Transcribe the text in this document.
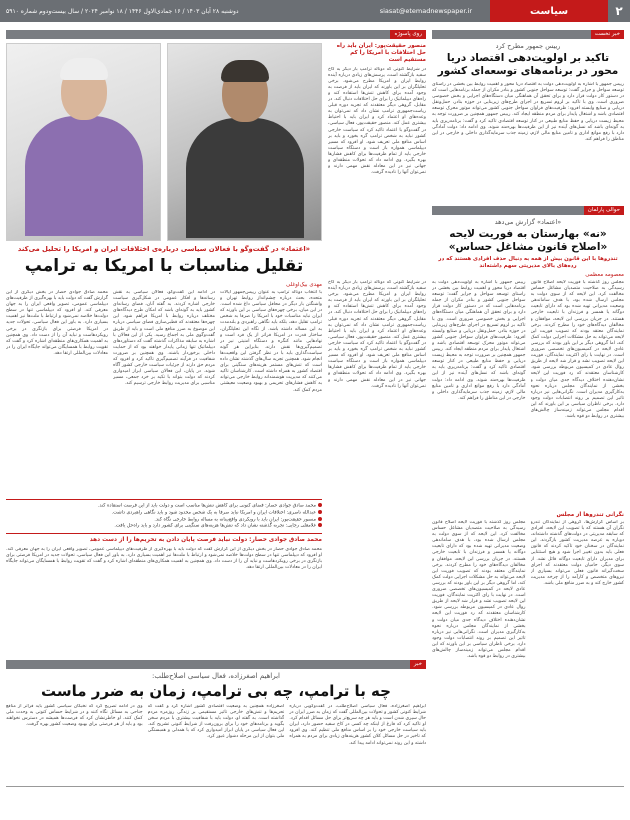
دوشنبه ۲۸ آبان ۱۴۰۳ / ۱۶ جمادی‌الاول ۱۴۴۶ / ۱۸ نوامبر ۲۰۲۴ / سال بیست‌ودوم شماره ۵۹۱۰	siasat@etemadnewspaper.ir	سیاست	۲
خبر نخست
رییس جمهور مطرح کرد
تاکید بر اولویت‌دهی اقتصاد دریا محور در برنامه‌های توسعه‌ای کشور
رییس جمهور با اشاره به اولویت‌دهی دولت به اقتصاد دریا محور و اهمیت روابط بین بخشی در راستای توسعه سواحل و جزایر گفت: توسعه سواحل جنوبی کشور و بنادر مکران از جمله برنامه‌هایی است که در دستور کار دولت قرار دارد و برای تحقق آن هماهنگی میان دستگاه‌های اجرایی و بخش خصوصی ضروری است. وی با تاکید بر لزوم تسریع در اجرای طرح‌های زیربنایی در حوزه بنادر، حمل‌ونقل دریایی و صنایع وابسته افزود: ظرفیت‌های فراوان سواحل جنوبی کشور می‌تواند موتور محرک توسعه اقتصادی باشد و اشتغال پایدار برای مردم منطقه ایجاد کند. رییس جمهور همچنین بر ضرورت توجه به محیط زیست دریایی و حفظ منابع طبیعی در کنار توسعه اقتصادی تاکید کرد و گفت: برنامه‌ریزی باید به گونه‌ای باشد که نسل‌های آینده نیز از این ظرفیت‌ها بهره‌مند شوند. وی ادامه داد: دولت آمادگی دارد با رفع موانع اداری و تامین منابع مالی لازم، زمینه جذب سرمایه‌گذاری داخلی و خارجی در این مناطق را فراهم کند.
حوالی پارلمان
«اعتماد» گزارش می‌دهد
«نه» بهارستان به فوریت لایحه «اصلاح قانون مشاغل حساس»
تندروها با این قانون بیش از همه به دنبال حذف افرادی هستند که در رده‌های بالای مدیریتی سهم داشته‌اند
معصومه معظمی
مجلس روز گذشته با فوریت لایحه اصلاح قانون رسیدگی به صلاحیت متصدیان مشاغل حساس مخالفت کرد. این لایحه که از سوی دولت به مجلس ارسال شده بود، با هدف ساماندهی وضعیت مدیرانی تهیه شده بود که دارای تابعیت دوگانه یا همسر و فرزندان با تابعیت خارجی هستند. در جریان بررسی این لایحه، موافقان و مخالفان دیدگاه‌های خود را مطرح کردند. برخی نمایندگان معتقد بودند که تصویب فوریت این لایحه می‌تواند به حل مشکلات اجرایی دولت کمک کند، اما گروهی دیگر بر این باور بودند که بررسی عادی لایحه در کمیسیون‌های تخصصی ضروری است. در نهایت با رای اکثریت نمایندگان، فوریت این لایحه تصویب نشد و قرار شد لایحه از طریق روال عادی در کمیسیون مربوطه بررسی شود. کارشناسان معتقدند که رد فوریت این لایحه نشان‌دهنده اختلاف دیدگاه جدی میان دولت و بخشی از نمایندگان مجلس درباره نحوه به‌کارگیری مدیران است. نگرانی‌هایی نیز درباره تاثیر این تصمیم بر روند انتصابات دولت وجود دارد. برخی ناظران سیاسی بر این باورند که این اقدام مجلس می‌تواند زمینه‌ساز چالش‌های بیشتری در روابط دو قوه باشد.
رییس جمهور با اشاره به اولویت‌دهی دولت به اقتصاد دریا محور و اهمیت روابط بین بخشی در راستای توسعه سواحل و جزایر گفت: توسعه سواحل جنوبی کشور و بنادر مکران از جمله برنامه‌هایی است که در دستور کار دولت قرار دارد و برای تحقق آن هماهنگی میان دستگاه‌های اجرایی و بخش خصوصی ضروری است. وی با تاکید بر لزوم تسریع در اجرای طرح‌های زیربنایی در حوزه بنادر، حمل‌ونقل دریایی و صنایع وابسته افزود: ظرفیت‌های فراوان سواحل جنوبی کشور می‌تواند موتور محرک توسعه اقتصادی باشد و اشتغال پایدار برای مردم منطقه ایجاد کند. رییس جمهور همچنین بر ضرورت توجه به محیط زیست دریایی و حفظ منابع طبیعی در کنار توسعه اقتصادی تاکید کرد و گفت: برنامه‌ریزی باید به گونه‌ای باشد که نسل‌های آینده نیز از این ظرفیت‌ها بهره‌مند شوند. وی ادامه داد: دولت آمادگی دارد با رفع موانع اداری و تامین منابع مالی لازم، زمینه جذب سرمایه‌گذاری داخلی و خارجی در این مناطق را فراهم کند.
نگرانی تندروها از مجلس
بر اساس گزارش‌ها، گروهی از نمایندگان تندرو نگران آن هستند که با تصویب این لایحه، افرادی که سابقه مدیریتی در دولت‌های گذشته داشته‌اند، دوباره به عرصه مدیریت کشور بازگردند. این نمایندگان در سخنان خود تاکید کردند که قانون فعلی باید بدون تغییر اجرا شود و هیچ استثنایی برای مدیران دارای تابعیت دوگانه قائل نشد. از سوی دیگر، حامیان دولت معتقدند که اجرای سخت‌گیرانه قانون فعلی می‌تواند بسیاری از نیروهای متخصص و کارآمد را از چرخه مدیریت کشور خارج کند و به ضرر منافع ملی باشد.
مجلس روز گذشته با فوریت لایحه اصلاح قانون رسیدگی به صلاحیت متصدیان مشاغل حساس مخالفت کرد. این لایحه که از سوی دولت به مجلس ارسال شده بود، با هدف ساماندهی وضعیت مدیرانی تهیه شده بود که دارای تابعیت دوگانه یا همسر و فرزندان با تابعیت خارجی هستند. در جریان بررسی این لایحه، موافقان و مخالفان دیدگاه‌های خود را مطرح کردند. برخی نمایندگان معتقد بودند که تصویب فوریت این لایحه می‌تواند به حل مشکلات اجرایی دولت کمک کند، اما گروهی دیگر بر این باور بودند که بررسی عادی لایحه در کمیسیون‌های تخصصی ضروری است. در نهایت با رای اکثریت نمایندگان، فوریت این لایحه تصویب نشد و قرار شد لایحه از طریق روال عادی در کمیسیون مربوطه بررسی شود. کارشناسان معتقدند که رد فوریت این لایحه نشان‌دهنده اختلاف دیدگاه جدی میان دولت و بخشی از نمایندگان مجلس درباره نحوه به‌کارگیری مدیران است. نگرانی‌هایی نیز درباره تاثیر این تصمیم بر روند انتصابات دولت وجود دارد. برخی ناظران سیاسی بر این باورند که این اقدام مجلس می‌تواند زمینه‌ساز چالش‌های بیشتری در روابط دو قوه باشد.
روی پاسوژه
منصور حقیقت‌پور: ایران باید راه حل اختلافات با امریکا را کم مستقیم است
در شرایط کنونی که دونالد ترامپ بار دیگر به کاخ سفید بازگشته است، پرسش‌های زیادی درباره آینده روابط ایران و امریکا مطرح می‌شود. برخی تحلیلگران بر این باورند که ایران باید از فرصت به وجود آمده برای کاهش تنش‌ها استفاده کند و راه‌های دیپلماتیک را برای حل اختلافات دنبال کند. در مقابل، گروهی دیگر معتقدند که تجربه دوره قبلی ریاست‌جمهوری ترامپ نشان داد که نمی‌توان به وعده‌های او اعتماد کرد و ایران باید با احتیاط بیشتری عمل کند. منصور حقیقت‌پور، فعال سیاسی، در گفت‌وگو با اعتماد تاکید کرد که سیاست خارجی کشور نباید به شخص ترامپ گره بخورد و باید بر اساس منافع ملی تعریف شود. او افزود که مسیر دیپلماسی همواره باز است و دستگاه سیاست خارجی باید از تمام ظرفیت‌ها برای کاهش فشارها بهره بگیرد. وی ادامه داد که تحولات منطقه‌ای و جهانی نیز در این معادله نقش مهمی دارند و نمی‌توان آنها را نادیده گرفت.
«اعتماد» در گفت‌وگو با فعالان سیاسی درباره‌ی اختلافات ایران و امریکا را تحلیل می‌کند
تقلیل مناسبات با امریکا به ترامپ
در شرایط کنونی که دونالد ترامپ بار دیگر به کاخ سفید بازگشته است، پرسش‌های زیادی درباره آینده روابط ایران و امریکا مطرح می‌شود. برخی تحلیلگران بر این باورند که ایران باید از فرصت به وجود آمده برای کاهش تنش‌ها استفاده کند و راه‌های دیپلماتیک را برای حل اختلافات دنبال کند. در مقابل، گروهی دیگر معتقدند که تجربه دوره قبلی ریاست‌جمهوری ترامپ نشان داد که نمی‌توان به وعده‌های او اعتماد کرد و ایران باید با احتیاط بیشتری عمل کند. منصور حقیقت‌پور، فعال سیاسی، در گفت‌وگو با اعتماد تاکید کرد که سیاست خارجی کشور نباید به شخص ترامپ گره بخورد و باید بر اساس منافع ملی تعریف شود. او افزود که مسیر دیپلماسی همواره باز است و دستگاه سیاست خارجی باید از تمام ظرفیت‌ها برای کاهش فشارها بهره بگیرد. وی ادامه داد که تحولات منطقه‌ای و جهانی نیز در این معادله نقش مهمی دارند و نمی‌توان آنها را نادیده گرفت.
مهدی بیک‌اوغلی
با انتخاب دونالد ترامپ به عنوان رییس‌جمهور ایالات متحده، بحث درباره چشم‌انداز روابط تهران و واشنگتن بار دیگر در محافل سیاسی داغ شده است. در این میان، برخی چهره‌های سیاسی بر این باورند که ایران نباید مناسبات خود با امریکا را صرفا به شخص ترامپ تقلیل دهد، بلکه باید نگاهی راهبردی و بلندمدت به این مساله داشته باشد. از نگاه این تحلیلگران، ساختار قدرت در امریکا فراتر از یک فرد است و نهادهایی مانند کنگره و دستگاه امنیتی نیز در تصمیم‌گیری‌ها نقش دارند. بنابراین هر گونه سیاست‌گذاری باید با در نظر گرفتن این واقعیت‌ها انجام شود. همچنین تجربه سال‌های گذشته نشان داده است که تنش‌های مستمر هزینه‌های سنگینی برای اقتصاد کشور به همراه داشته است. کارشناسان تاکید می‌کنند که مدیریت هوشمندانه روابط خارجی می‌تواند به کاهش فشارهای تحریمی و بهبود وضعیت معیشتی مردم کمک کند.
در ادامه این گفت‌وگو، فعالان سیاسی به نقش رسانه‌ها و افکار عمومی در شکل‌گیری سیاست خارجی اشاره کردند. به گفته آنان، فضای رسانه‌ای کشور باید به گونه‌ای باشد که امکان طرح دیدگاه‌های مختلف درباره روابط با امریکا فراهم شود. این چهره‌ها معتقدند که قطبی‌سازی فضای سیاسی درباره این موضوع به ضرر منافع ملی است و باید از طریق گفت‌وگوی ملی به اجماع رسید. یکی از این فعالان با اشاره به سابقه مذاکرات گذشته گفت که دستاوردهای دیپلماتیک تنها زمانی پایدار خواهند بود که از حمایت داخلی برخوردار باشند. وی همچنین بر ضرورت شفافیت در فرآیند تصمیم‌گیری تاکید کرد و افزود که مردم حق دارند از جزئیات سیاست خارجی کشور آگاه شوند. در پایان، این فعالان سیاسی ابراز امیدواری کردند که دولت بتواند با تکیه بر خرد جمعی، مسیر مناسبی برای مدیریت روابط خارجی ترسیم کند.
محمد صادق جوادی حصار در بخش دیگری از این گزارش گفت که دولت باید با بهره‌گیری از ظرفیت‌های دیپلماسی عمومی، تصویر واقعی ایران را به جهان معرفی کند. او افزود که دیپلماسی تنها در سطح دولت‌ها خلاصه نمی‌شود و ارتباط با ملت‌ها نیز اهمیت بسیاری دارد. به باور این فعال سیاسی، تحولات جدید در امریکا فرصتی برای بازنگری در برخی رویکردهاست و نباید آن را از دست داد. وی همچنین به اهمیت همکاری‌های منطقه‌ای اشاره کرد و گفت که تقویت روابط با همسایگان می‌تواند جایگاه ایران را در معادلات بین‌المللی ارتقا دهد.
محمد صادق جوادی حصار: فضای کنونی برای کاهش تنش‌ها مناسب است و دولت باید از این فرصت استفاده کند.
عبدالله ناصری: اختلافات ایران و امریکا نباید صرفا به یک شخص محدود شود و باید نگاهی راهبردی داشت.
منصور حقیقت‌پور: ایران باید با رویکردی واقع‌بینانه به مساله روابط خارجی نگاه کند.
غلامعلی رجایی: تجربه گذشته نشان داد که تنش‌ها هزینه‌های سنگینی برای کشور دارد و باید راه‌حل یافت.
محمد صادق جوادی حصار: دولت نباید فرصت پایان دادن به تحریم‌ها را از دست دهد
محمد صادق جوادی حصار در بخش دیگری از این گزارش گفت که دولت باید با بهره‌گیری از ظرفیت‌های دیپلماسی عمومی، تصویر واقعی ایران را به جهان معرفی کند. او افزود که دیپلماسی تنها در سطح دولت‌ها خلاصه نمی‌شود و ارتباط با ملت‌ها نیز اهمیت بسیاری دارد. به باور این فعال سیاسی، تحولات جدید در امریکا فرصتی برای بازنگری در برخی رویکردهاست و نباید آن را از دست داد. وی همچنین به اهمیت همکاری‌های منطقه‌ای اشاره کرد و گفت که تقویت روابط با همسایگان می‌تواند جایگاه ایران را در معادلات بین‌المللی ارتقا دهد.
خبر
ابراهیم اصغرزاده، فعال سیاسی اصلاح‌طلب:
چه با ترامپ، چه بی ترامپ، زمان به ضرر ماست
ابراهیم اصغرزاده، فعال سیاسی اصلاح‌طلب، در گفت‌وگویی درباره شرایط کنونی کشور و تحولات بین‌المللی گفت که زمان به ضرر ایران در حال سپری شدن است و باید هر چه سریع‌تر برای حل مسائل اقدام کرد. او تاکید کرد که فارغ از اینکه چه کسی در کاخ سفید حضور دارد، ایران باید سیاست خارجی خود را بر اساس منافع ملی تنظیم کند. وی افزود که تاخیر در حل مسائل کلان کشور هزینه‌های زیادی برای مردم به همراه داشته و این روند نمی‌تواند ادامه پیدا کند.
اصغرزاده همچنین به وضعیت اقتصادی کشور اشاره کرد و گفت که تحریم‌ها و تنش‌های خارجی تاثیر مستقیمی بر زندگی روزمره مردم گذاشته است. به گفته او، دولت باید با شفافیت بیشتری با مردم سخن بگوید و برنامه‌های خود را برای برون‌رفت از شرایط کنونی تشریح کند. این فعال سیاسی در پایان ابراز امیدواری کرد که با همدلی و همبستگی ملی بتوان از این مرحله دشوار عبور کرد.
وی در ادامه تصریح کرد که نخبگان سیاسی کشور باید فراتر از منافع جناحی به مسائل نگاه کنند و در شرایط حساس کنونی به وحدت ملی کمک کنند. او خاطرنشان کرد که فرصت‌ها همیشه در دسترس نخواهند بود و باید از هر فرصتی برای بهبود وضعیت کشور بهره گرفت.
